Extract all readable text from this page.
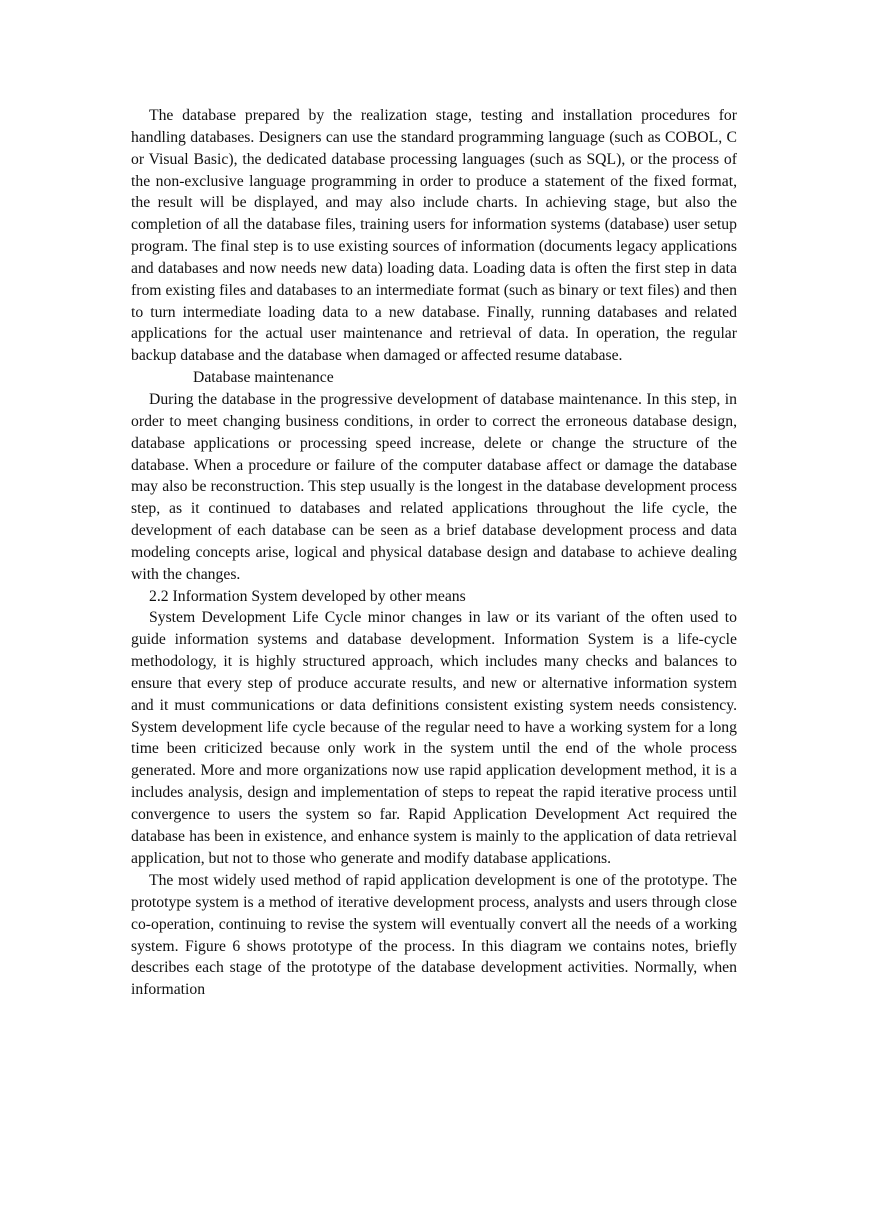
The database prepared by the realization stage, testing and installation procedures for handling databases. Designers can use the standard programming language (such as COBOL, C or Visual Basic), the dedicated database processing languages (such as SQL), or the process of the non-exclusive language programming in order to produce a statement of the fixed format, the result will be displayed, and may also include charts. In achieving stage, but also the completion of all the database files, training users for information systems (database) user setup program. The final step is to use existing sources of information (documents legacy applications and databases and now needs new data) loading data. Loading data is often the first step in data from existing files and databases to an intermediate format (such as binary or text files) and then to turn intermediate loading data to a new database. Finally, running databases and related applications for the actual user maintenance and retrieval of data. In operation, the regular backup database and the database when damaged or affected resume database.

Database maintenance

During the database in the progressive development of database maintenance. In this step, in order to meet changing business conditions, in order to correct the erroneous database design, database applications or processing speed increase, delete or change the structure of the database. When a procedure or failure of the computer database affect or damage the database may also be reconstruction. This step usually is the longest in the database development process step, as it continued to databases and related applications throughout the life cycle, the development of each database can be seen as a brief database development process and data modeling concepts arise, logical and physical database design and database to achieve dealing with the changes.

2.2 Information System developed by other means

System Development Life Cycle minor changes in law or its variant of the often used to guide information systems and database development. Information System is a life-cycle methodology, it is highly structured approach, which includes many checks and balances to ensure that every step of produce accurate results, and new or alternative information system and it must communications or data definitions consistent existing system needs consistency. System development life cycle because of the regular need to have a working system for a long time been criticized because only work in the system until the end of the whole process generated. More and more organizations now use rapid application development method, it is a includes analysis, design and implementation of steps to repeat the rapid iterative process until convergence to users the system so far. Rapid Application Development Act required the database has been in existence, and enhance system is mainly to the application of data retrieval application, but not to those who generate and modify database applications.

The most widely used method of rapid application development is one of the prototype. The prototype system is a method of iterative development process, analysts and users through close co-operation, continuing to revise the system will eventually convert all the needs of a working system. Figure 6 shows prototype of the process. In this diagram we contains notes, briefly describes each stage of the prototype of the database development activities. Normally, when information
